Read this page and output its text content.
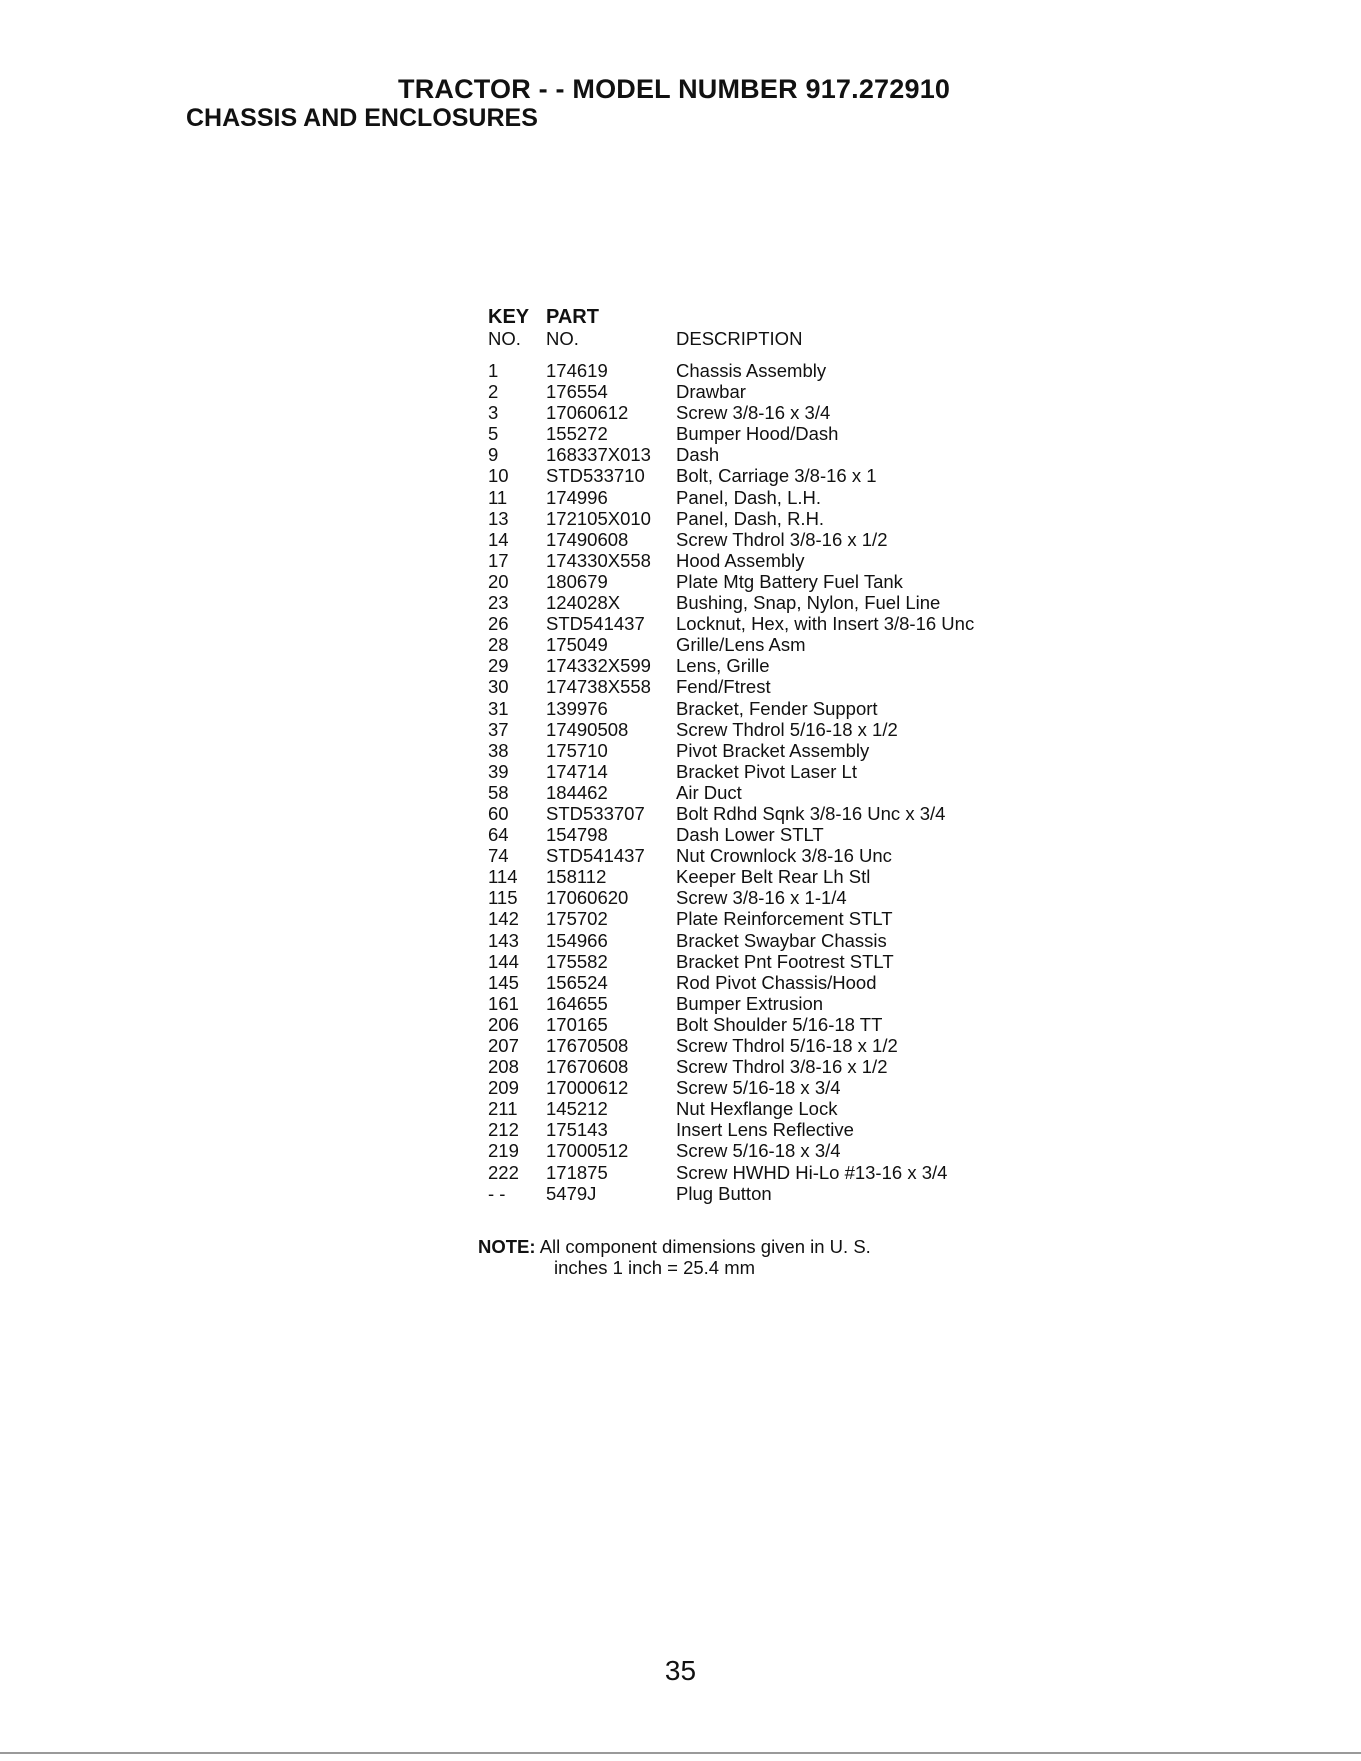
TRACTOR - - MODEL NUMBER 917.272910
CHASSIS AND ENCLOSURES
KEY PART
NO.	NO.	DESCRIPTION
1	174619	Chassis Assembly
2	176554	Drawbar
3	17060612	Screw 3/8-16 x 3/4
5	155272	Bumper Hood/Dash
9	168337X013	Dash
10	STD533710	Bolt, Carriage 3/8-16 x 1
11	174996	Panel, Dash, L.H.
13	172105X010	Panel, Dash, R.H.
14	17490608	Screw Thdrol 3/8-16 x 1/2
17	174330X558	Hood Assembly
20	180679	Plate Mtg Battery Fuel Tank
23	124028X	Bushing, Snap, Nylon, Fuel Line
26	STD541437	Locknut, Hex, with Insert 3/8-16 Unc
28	175049	Grille/Lens Asm
29	174332X599	Lens, Grille
30	174738X558	Fend/Ftrest
31	139976	Bracket, Fender Support
37	17490508	Screw Thdrol 5/16-18 x 1/2
38	175710	Pivot Bracket Assembly
39	174714	Bracket Pivot Laser Lt
58	184462	Air Duct
60	STD533707	Bolt Rdhd Sqnk 3/8-16 Unc x 3/4
64	154798	Dash Lower STLT
74	STD541437	Nut Crownlock 3/8-16 Unc
114	158112	Keeper Belt Rear Lh Stl
115	17060620	Screw 3/8-16 x 1-1/4
142	175702	Plate Reinforcement STLT
143	154966	Bracket Swaybar Chassis
144	175582	Bracket Pnt Footrest STLT
145	156524	Rod Pivot Chassis/Hood
161	164655	Bumper Extrusion
206	170165	Bolt Shoulder 5/16-18 TT
207	17670508	Screw Thdrol 5/16-18 x 1/2
208	17670608	Screw Thdrol 3/8-16 x 1/2
209	17000612	Screw 5/16-18 x 3/4
211	145212	Nut Hexflange Lock
212	175143	Insert Lens Reflective
219	17000512	Screw 5/16-18 x 3/4
222	171875	Screw HWHD Hi-Lo #13-16 x 3/4
- -	5479J	Plug Button
NOTE: All component dimensions given in U. S.
inches 1 inch = 25.4 mm
35
